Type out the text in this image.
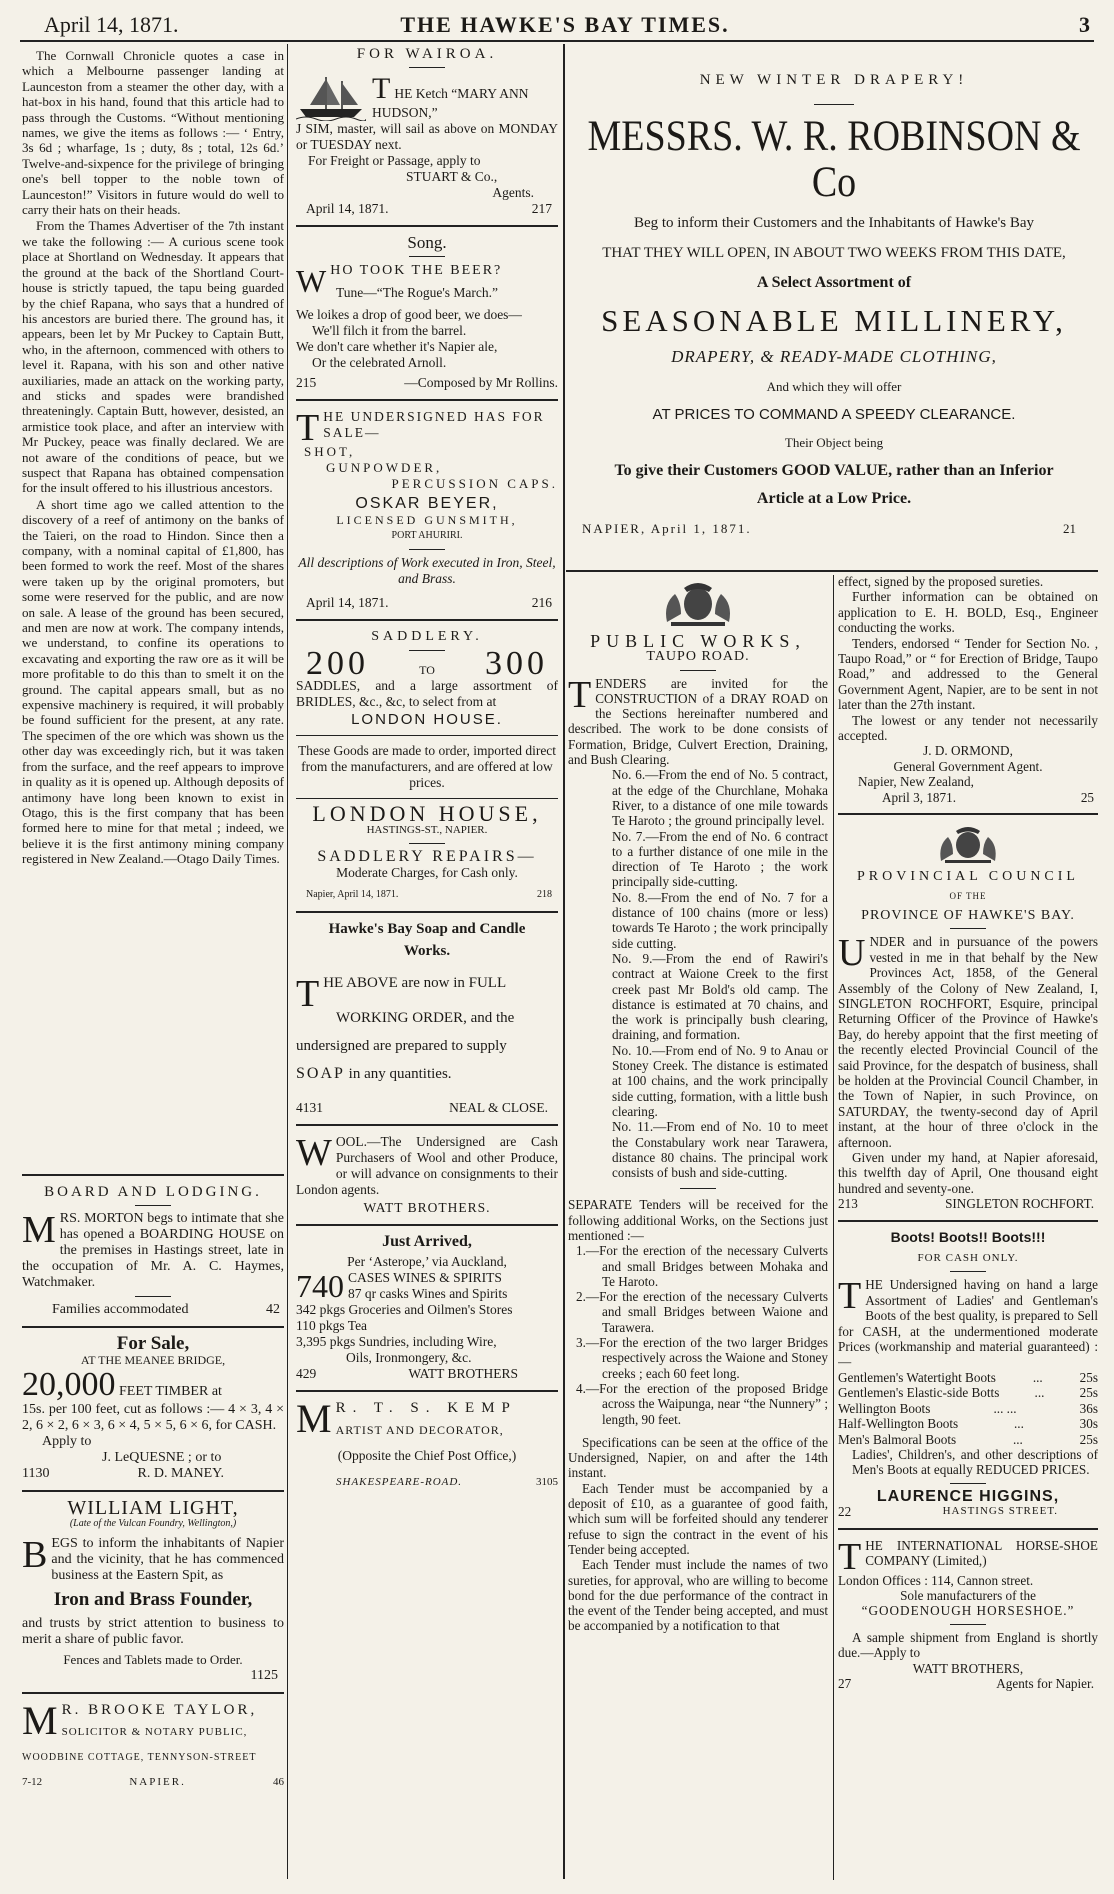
April 14, 1871.	THE HAWKE'S BAY TIMES.	3

The Cornwall Chronicle quotes a case in which a Melbourne passenger landing at Launceston from a steamer the other day, with a hat-box in his hand, found that this article had to pass through the Customs. “Without mentioning names, we give the items as follows :— ‘ Entry, 3s 6d ; wharfage, 1s ; duty, 8s ; total, 12s 6d.’ Twelve-and-sixpence for the privilege of bringing one's bell topper to the noble town of Launceston!” Visitors in future would do well to carry their hats on their heads.

From the Thames Advertiser of the 7th instant we take the following :— A curious scene took place at Shortland on Wednesday. It appears that the ground at the back of the Shortland Court-house is strictly tapued, the tapu being guarded by the chief Rapana, who says that a hundred of his ancestors are buried there. The ground has, it appears, been let by Mr Puckey to Captain Butt, who, in the afternoon, commenced with others to level it. Rapana, with his son and other native auxiliaries, made an attack on the working party, and sticks and spades were brandished threateningly. Captain Butt, however, desisted, an armistice took place, and after an interview with Mr Puckey, peace was finally declared. We are not aware of the conditions of peace, but we suspect that Rapana has obtained compensation for the insult offered to his illustrious ancestors.

A short time ago we called attention to the discovery of a reef of antimony on the banks of the Taieri, on the road to Hindon. Since then a company, with a nominal capital of £1,800, has been formed to work the reef. Most of the shares were taken up by the original promoters, but some were reserved for the public, and are now on sale. A lease of the ground has been secured, and men are now at work. The company intends, we understand, to confine its operations to excavating and exporting the raw ore as it will be more profitable to do this than to smelt it on the ground. The capital appears small, but as no expensive machinery is required, it will probably be found sufficient for the present, at any rate. The specimen of the ore which was shown us the other day was exceedingly rich, but it was taken from the surface, and the reef appears to improve in quality as it is opened up. Although deposits of antimony have long been known to exist in Otago, this is the first company that has been formed here to mine for that metal ; indeed, we believe it is the first antimony mining company registered in New Zealand.—Otago Daily Times.

BOARD AND LODGING.
M RS. MORTON begs to intimate that she has opened a BOARDING HOUSE on the premises in Hastings street, late in the occupation of Mr. A. C. Haymes, Watchmaker.
Families accommodated	42
For Sale,
AT THE MEANEE BRIDGE,
20,000 FEET TIMBER at

15s. per 100 feet, cut as follows :— 4 × 3, 4 × 2, 6 × 2, 6 × 3, 6 × 4, 5 × 5, 6 × 6, for CASH.

Apply to
J. LeQUESNE ; or to
1130	R. D. MANEY.
WILLIAM LIGHT,
(Late of the Vulcan Foundry, Wellington,)
B EGS to inform the inhabitants of Napier and the vicinity, that he has commenced business at the Eastern Spit, as
Iron and Brass Founder,

and trusts by strict attention to business to merit a share of public favor.

Fences and Tablets made to Order.
1125
M R. BROOKE TAYLOR,
SOLICITOR & NOTARY PUBLIC,
WOODBINE COTTAGE, TENNYSON-STREET
7-12	NAPIER.	46
FOR WAIROA.
THE Ketch “MARY ANN HUDSON,”

J SIM, master, will sail as above on MONDAY or TUESDAY next.

For Freight or Passage, apply to
STUART & Co.,
Agents.
April 14, 1871.	217
Song.
W HO TOOK THE BEER?
Tune—“The Rogue's March.”
We loikes a drop of good beer, we does—
We'll filch it from the barrel.
We don't care whether it's Napier ale,
Or the celebrated Arnoll.
215	—Composed by Mr Rollins.
T HE UNDERSIGNED HAS FOR SALE—
SHOT,
GUNPOWDER,
PERCUSSION CAPS.
OSKAR BEYER,
LICENSED GUNSMITH,
PORT AHURIRI.
All descriptions of Work executed in Iron, Steel, and Brass.
April 14, 1871.	216
SADDLERY.
200	TO 300

SADDLES, and a large assortment of BRIDLES, &c., &c, to select from at

LONDON HOUSE.
These Goods are made to order, imported direct from the manufacturers, and are offered at low prices.
LONDON HOUSE,
HASTINGS-ST., NAPIER.
SADDLERY REPAIRS—
Moderate Charges, for Cash only.
Napier, April 14, 1871.	218
Hawke's Bay Soap and Candle
Works.
T HE ABOVE are now in FULL
WORKING ORDER, and the
undersigned are prepared to supply
SOAP in any quantities.
4131	NEAL & CLOSE.
W OOL.—The Undersigned are Cash Purchasers of Wool and other Produce, or will advance on consignments to their London agents.
WATT BROTHERS.
Just Arrived,
Per ‘Asterope,’ via Auckland,
740 CASES WINES & SPIRITS
87 qr casks Wines and Spirits
342 pkgs Groceries and Oilmen's Stores
110 pkgs Tea
3,395 pkgs Sundries, including Wire,
Oils, Ironmongery, &c.
429	WATT BROTHERS
M R. T. S. KEMP
ARTIST AND DECORATOR,
(Opposite the Chief Post Office,)
SHAKESPEARE-ROAD.	3105
NEW WINTER DRAPERY!
MESSRS. W. R. ROBINSON & Co
Beg to inform their Customers and the Inhabitants of Hawke's Bay
THAT THEY WILL OPEN, IN ABOUT TWO WEEKS FROM THIS DATE,
A Select Assortment of
SEASONABLE MILLINERY,
DRAPERY, & READY-MADE CLOTHING,
And which they will offer
AT PRICES TO COMMAND A SPEEDY CLEARANCE.
Their Object being
To give their Customers GOOD VALUE, rather than an Inferior
Article at a Low Price.
NAPIER, April 1, 1871.	21
PUBLIC WORKS,
TAUPO ROAD.
T ENDERS are invited for the CONSTRUCTION of a DRAY ROAD on the Sections hereinafter numbered and described. The work to be done consists of Formation, Bridge, Culvert Erection, Draining, and Bush Clearing.

No. 6.—From the end of No. 5 contract, at the edge of the Churchlane, Mohaka River, to a distance of one mile towards Te Haroto ; the ground principally level.

No. 7.—From the end of No. 6 contract to a further distance of one mile in the direction of Te Haroto ; the work principally side-cutting.

No. 8.—From the end of No. 7 for a distance of 100 chains (more or less) towards Te Haroto ; the work principally side cutting.

No. 9.—From the end of Rawiri's contract at Waione Creek to the first creek past Mr Bold's old camp. The distance is estimated at 70 chains, and the work is principally bush clearing, draining, and formation.

No. 10.—From end of No. 9 to Anau or Stoney Creek. The distance is estimated at 100 chains, and the work principally side cutting, formation, with a little bush clearing.

No. 11.—From end of No. 10 to meet the Constabulary work near Tarawera, distance 80 chains. The principal work consists of bush and side-cutting.

SEPARATE Tenders will be received for the following additional Works, on the Sections just mentioned :—

1.—For the erection of the necessary Culverts and small Bridges between Mohaka and Te Haroto.

2.—For the erection of the necessary Culverts and small Bridges between Waione and Tarawera.

3.—For the erection of the two larger Bridges respectively across the Waione and Stoney creeks ; each 60 feet long.

4.—For the erection of the proposed Bridge across the Waipunga, near “the Nunnery” ; length, 90 feet.

Specifications can be seen at the office of the Undersigned, Napier, on and after the 14th instant.

Each Tender must be accompanied by a deposit of £10, as a guarantee of good faith, which sum will be forfeited should any tenderer refuse to sign the contract in the event of his Tender being accepted.

Each Tender must include the names of two sureties, for approval, who are willing to become bond for the due performance of the contract in the event of the Tender being accepted, and must be accompanied by a notification to that

effect, signed by the proposed sureties.

Further information can be obtained on application to E. H. BOLD, Esq., Engineer conducting the works.

Tenders, endorsed “ Tender for Section No. , Taupo Road,” or “ for Erection of Bridge, Taupo Road,” and addressed to the General Government Agent, Napier, are to be sent in not later than the 27th instant.

The lowest or any tender not necessarily accepted.

J. D. ORMOND,
General Government Agent.
Napier, New Zealand,
April 3, 1871.	25
PROVINCIAL COUNCIL
OF THE
PROVINCE OF HAWKE'S BAY.
U NDER and in pursuance of the powers vested in me in that behalf by the New Provinces Act, 1858, of the General Assembly of the Colony of New Zealand, I, SINGLETON ROCHFORT, Esquire, principal Returning Officer of the Province of Hawke's Bay, do hereby appoint that the first meeting of the recently elected Provincial Council of the said Province, for the despatch of business, shall be holden at the Provincial Council Chamber, in the Town of Napier, in such Province, on SATURDAY, the twenty-second day of April instant, at the hour of three o'clock in the afternoon.

Given under my hand, at Napier aforesaid, this twelfth day of April, One thousand eight hundred and seventy-one.

213	SINGLETON ROCHFORT.
Boots! Boots!! Boots!!!
FOR CASH ONLY.
T HE Undersigned having on hand a large Assortment of Ladies' and Gentleman's Boots of the best quality, is prepared to Sell for CASH, at the undermentioned moderate Prices (workmanship and material guaranteed) :—
Gentlemen's Watertight Boots	...	25s
Gentlemen's Elastic-side Botts	...	25s
Wellington Boots	... ...	36s
Half-Wellington Boots	...	30s
Men's Balmoral Boots	...	25s

Ladies', Children's, and other descriptions of Men's Boots at equally REDUCED PRICES.

LAURENCE HIGGINS,
22	HASTINGS STREET.
T HE INTERNATIONAL HORSE-SHOE COMPANY (Limited,)
London Offices : 114, Cannon street.
Sole manufacturers of the
“GOODENOUGH HORSESHOE.”

A sample shipment from England is shortly due.—Apply to

WATT BROTHERS,
27	Agents for Napier.
